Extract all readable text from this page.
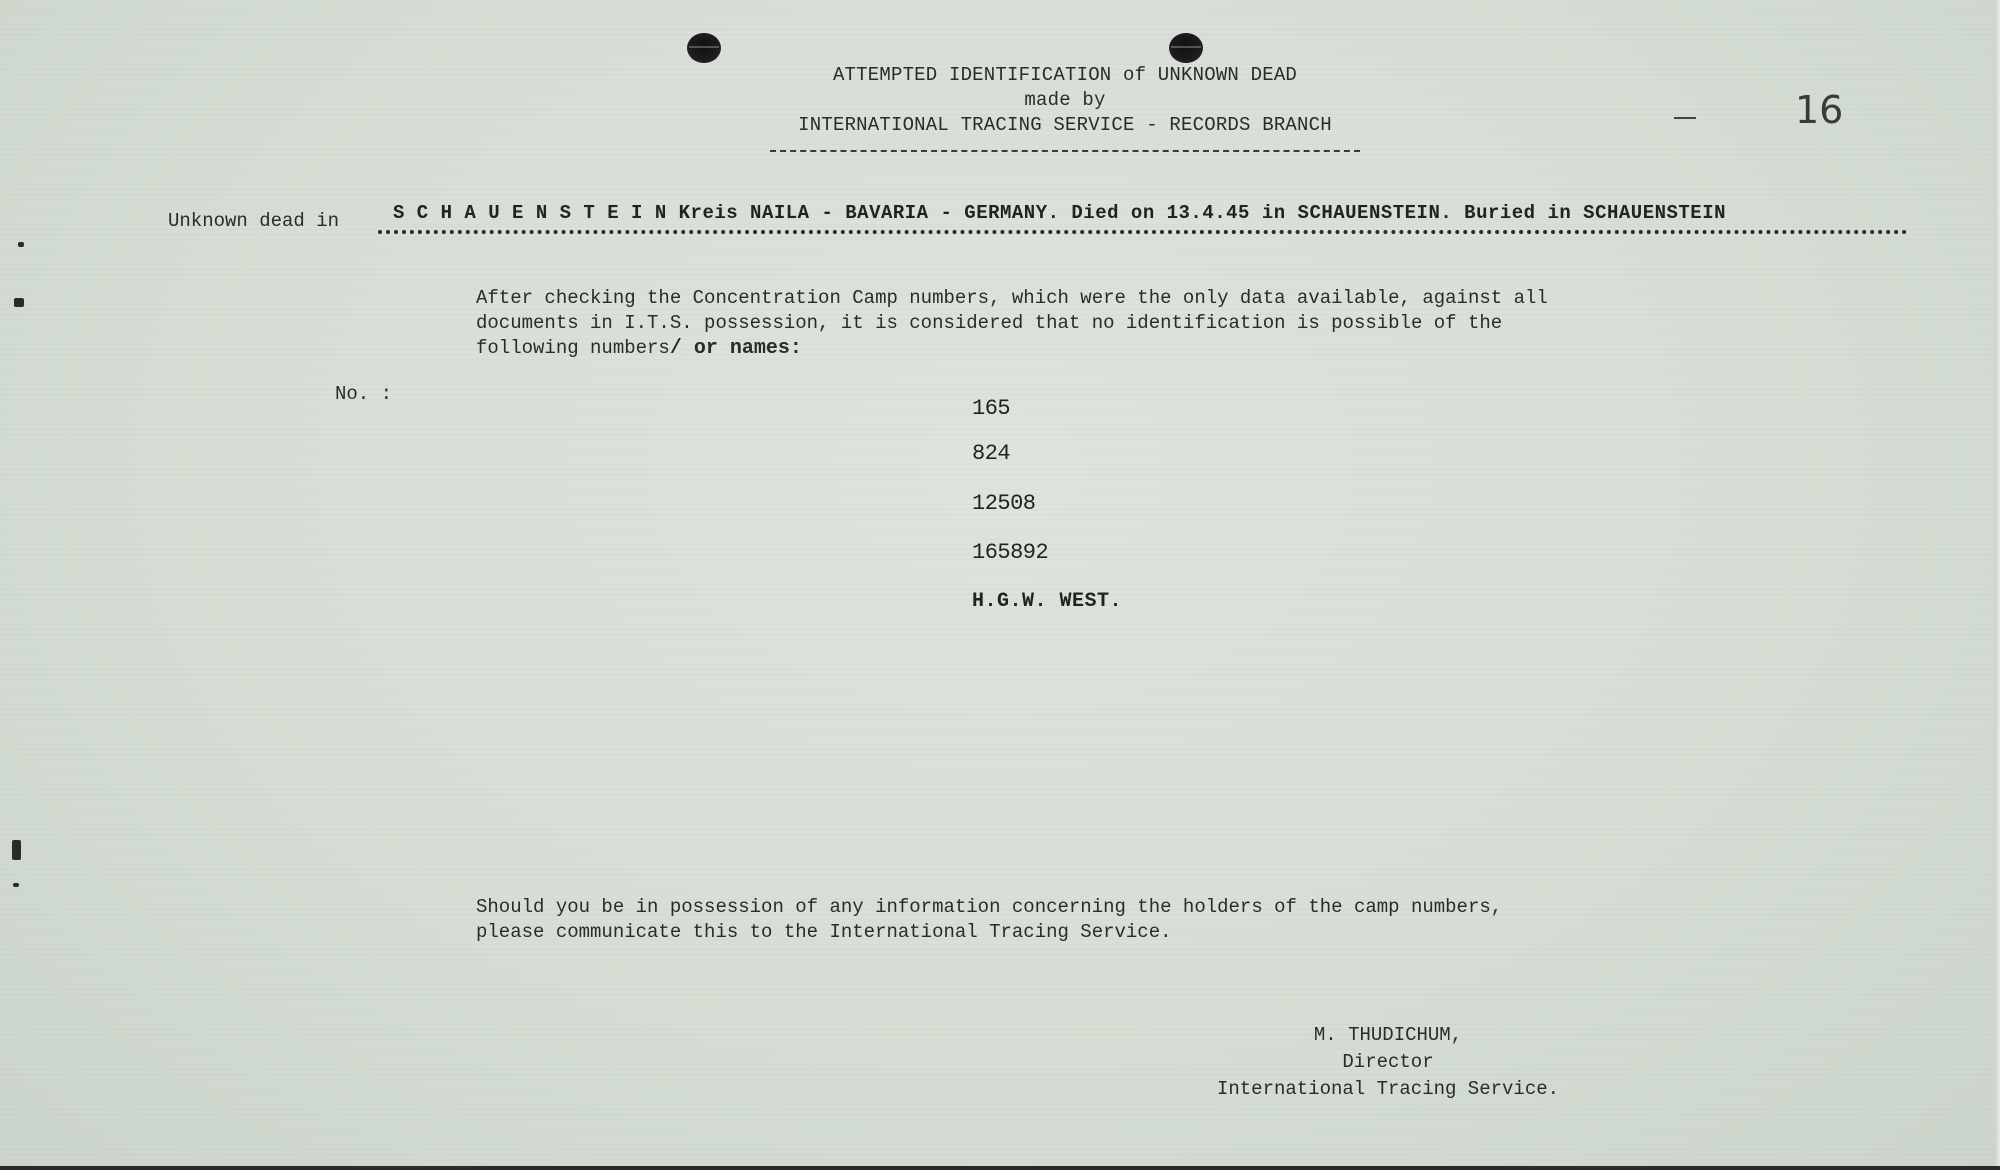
ATTEMPTED IDENTIFICATION of UNKNOWN DEAD
made by
INTERNATIONAL TRACING SERVICE - RECORDS BRANCH	16
Unknown dead in	S C H A U E N S T E I N Kreis NAILA - BAVARIA - GERMANY. Died on 13.4.45 in SCHAUENSTEIN. Buried in SCHAUENSTEIN
After checking the Concentration Camp numbers, which were the only data available, against all
documents in I.T.S. possession, it is considered that no identification is possible of the
following numbers/ or names:
No. :
165
824
12508
165892
H.G.W. WEST.
Should you be in possession of any information concerning the holders of the camp numbers,
please communicate this to the International Tracing Service.
M. THUDICHUM,
Director
International Tracing Service.
